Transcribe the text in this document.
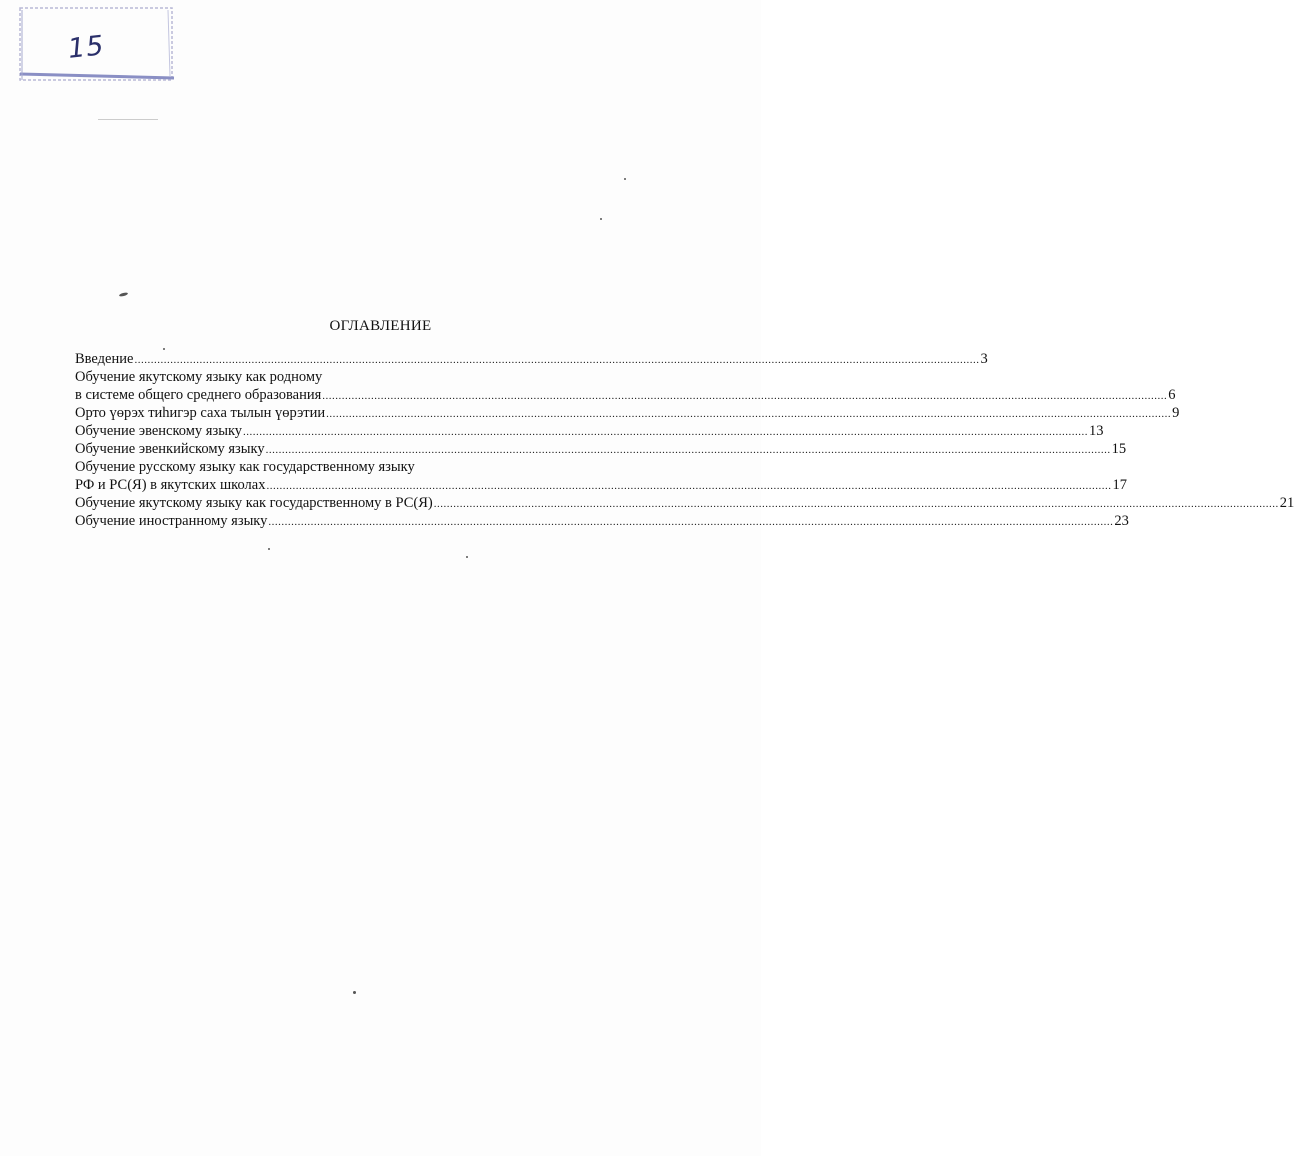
15
ОГЛАВЛЕНИЕ
Введение .................................................................................................................................................................................................................................................................... 3
Обучение якутскому языку как родному
в системе общего среднего образования .................................................................................................................................................................................................................................................................... 6
Орто үөрэх тиһигэр саха тылын үөрэтии .................................................................................................................................................................................................................................................................... 9
Обучение эвенскому языку .................................................................................................................................................................................................................................................................... 13
Обучение эвенкийскому языку .................................................................................................................................................................................................................................................................... 15
Обучение русскому языку как государственному языку
РФ и РС(Я) в якутских школах .................................................................................................................................................................................................................................................................... 17
Обучение якутскому языку как государственному в РС(Я) .................................................................................................................................................................................................................................................................... 21
Обучение иностранному языку .................................................................................................................................................................................................................................................................... 23
